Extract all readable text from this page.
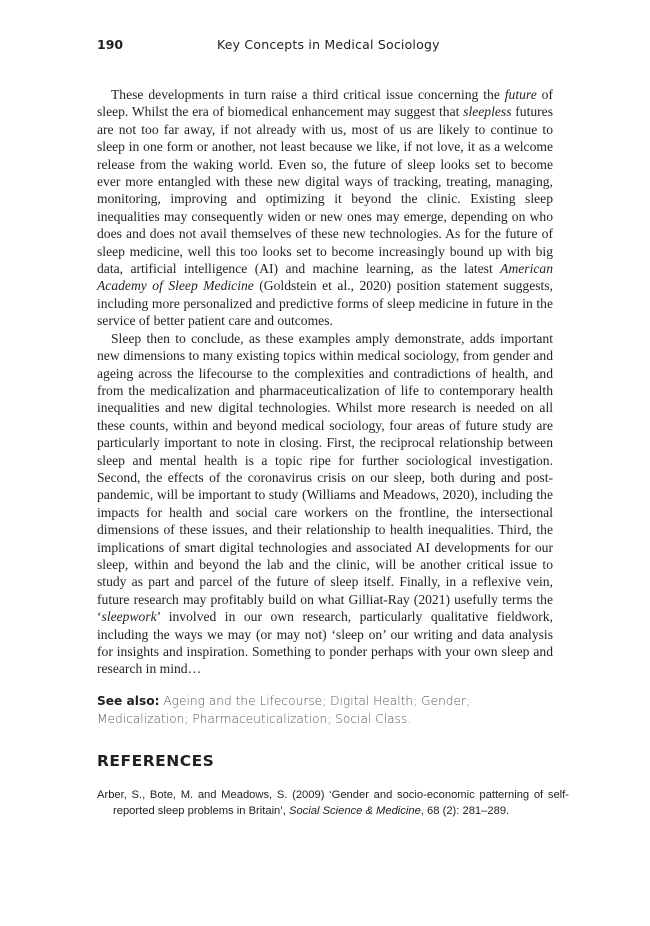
190	Key Concepts in Medical Sociology

These developments in turn raise a third critical issue concerning the future of sleep. Whilst the era of biomedical enhancement may suggest that sleepless futures are not too far away, if not already with us, most of us are likely to continue to sleep in one form or another, not least because we like, if not love, it as a welcome release from the waking world. Even so, the future of sleep looks set to become ever more entangled with these new digital ways of tracking, treating, managing, monitoring, improving and optimizing it beyond the clinic. Existing sleep inequalities may consequently widen or new ones may emerge, depending on who does and does not avail themselves of these new technologies. As for the future of sleep medicine, well this too looks set to become increasingly bound up with big data, artificial intelligence (AI) and machine learning, as the latest American Academy of Sleep Medicine (Goldstein et al., 2020) position statement suggests, including more personalized and predictive forms of sleep medicine in future in the service of better patient care and outcomes.

Sleep then to conclude, as these examples amply demonstrate, adds important new dimensions to many existing topics within medical sociology, from gender and ageing across the lifecourse to the complexities and contradictions of health, and from the medicalization and pharmaceuticalization of life to contemporary health inequalities and new digital technologies. Whilst more research is needed on all these counts, within and beyond medical sociology, four areas of future study are particularly important to note in closing. First, the reciprocal relationship between sleep and mental health is a topic ripe for further sociological investigation. Second, the effects of the coronavirus crisis on our sleep, both during and post-pandemic, will be important to study (Williams and Meadows, 2020), including the impacts for health and social care workers on the frontline, the intersectional dimensions of these issues, and their relationship to health inequalities. Third, the implications of smart digital technologies and associated AI developments for our sleep, within and beyond the lab and the clinic, will be another critical issue to study as part and parcel of the future of sleep itself. Finally, in a reflexive vein, future research may profitably build on what Gilliat-Ray (2021) usefully terms the ‘sleepwork’ involved in our own research, particularly qualitative fieldwork, including the ways we may (or may not) ‘sleep on’ our writing and data analysis for insights and inspiration. Something to ponder perhaps with your own sleep and research in mind…

See also: Ageing and the Lifecourse; Digital Health; Gender; Medicalization; Pharmaceuticalization; Social Class.

REFERENCES

Arber, S., Bote, M. and Meadows, S. (2009) ‘Gender and socio-economic patterning of self-reported sleep problems in Britain’, Social Science & Medicine, 68 (2): 281–289.
